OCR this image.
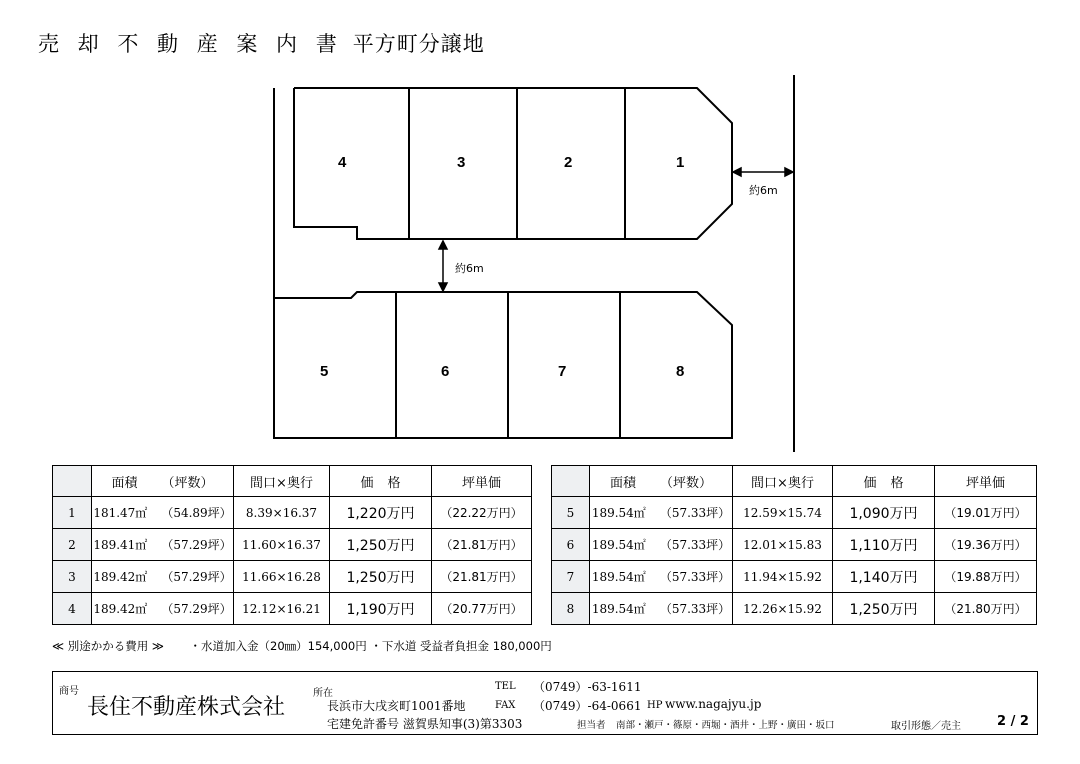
売 却 不 動 産 案 内 書 平方町分譲地
約6m
約6m
4	3	2	1
5	6	7	8
	面積 （坪数）	間口×奥行	価 格	坪単価
1	181.47㎡ （54.89坪）	8.39×16.37	1,220万円	（22.22万円）
2	189.41㎡ （57.29坪）	11.60×16.37	1,250万円	（21.81万円）
3	189.42㎡ （57.29坪）	11.66×16.28	1,250万円	（21.81万円）
4	189.42㎡ （57.29坪）	12.12×16.21	1,190万円	（20.77万円）
	面積 （坪数）	間口×奥行	価 格	坪単価
5	189.54㎡ （57.33坪）	12.59×15.74	1,090万円	（19.01万円）
6	189.54㎡ （57.33坪）	12.01×15.83	1,110万円	（19.36万円）
7	189.54㎡ （57.33坪）	11.94×15.92	1,140万円	（19.88万円）
8	189.54㎡ （57.33坪）	12.26×15.92	1,250万円	（21.80万円）
≪ 別途かかる費用 ≫ ・水道加入金（20㎜）154,000円 ・下水道 受益者負担金 180,000円
商号
長住不動産株式会社
所在
長浜市大戌亥町1001番地
TEL （0749）-63-1611
FAX （0749）-64-0661 HP www.nagajyu.jp
宅建免許番号 滋賀県知事(3)第3303	担当者 南部・瀬戸・篠原・西堀・酒井・上野・廣田・坂口	取引形態／売主	2 / 2
